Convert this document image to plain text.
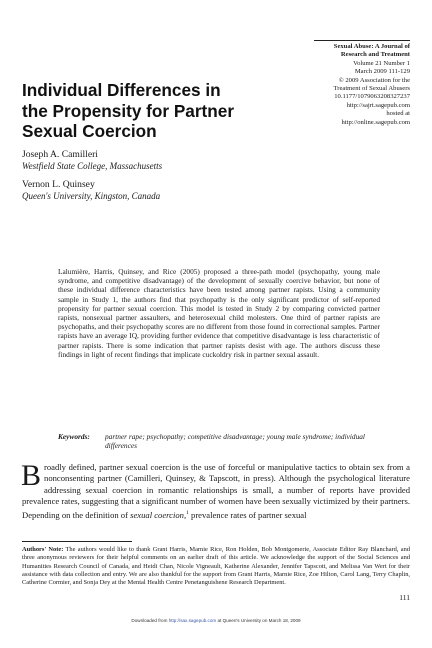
Sexual Abuse: A Journal of
Research and Treatment
Volume 21 Number 1
March 2009 111-129
© 2009 Association for the
Treatment of Sexual Abusers
10.1177/1079063208327237
http://sajrt.sagepub.com
hosted at
http://online.sagepub.com
Individual Differences in
the Propensity for Partner
Sexual Coercion
Joseph A. Camilleri
Westfield State College, Massachusetts
Vernon L. Quinsey
Queen's University, Kingston, Canada
Lalumière, Harris, Quinsey, and Rice (2005) proposed a three-path model (psychopathy, young male syndrome, and competitive disadvantage) of the development of sexually coercive behavior, but none of these individual difference characteristics have been tested among partner rapists. Using a community sample in Study 1, the authors find that psychopathy is the only significant predictor of self-reported propensity for partner sexual coercion. This model is tested in Study 2 by comparing convicted partner rapists, nonsexual partner assaulters, and heterosexual child molesters. One third of partner rapists are psychopaths, and their psychopathy scores are no different from those found in correctional samples. Partner rapists have an average IQ, providing further evidence that competitive disadvantage is less characteristic of partner rapists. There is some indication that partner rapists desist with age. The authors discuss these findings in light of recent findings that implicate cuckoldry risk in partner sexual assault.
Keywords:	partner rape; psychopathy; competitive disadvantage; young male syndrome; individual differences
Broadly defined, partner sexual coercion is the use of forceful or manipulative tactics to obtain sex from a nonconsenting partner (Camilleri, Quinsey, & Tapscott, in press). Although the psychological literature addressing sexual coercion in romantic relationships is small, a number of reports have provided prevalence rates, suggesting that a significant number of women have been sexually victimized by their partners. Depending on the definition of sexual coercion,$^1$ prevalence rates of partner sexual
Authors' Note: The authors would like to thank Grant Harris, Marnie Rice, Ron Holden, Bob Montgomerie, Associate Editor Ray Blanchard, and three anonymous reviewers for their helpful comments on an earlier draft of this article. We acknowledge the support of the Social Sciences and Humanities Research Council of Canada, and Heidi Chan, Nicole Vigneault, Katherine Alexander, Jennifer Tapscott, and Melissa Van Wert for their assistance with data collection and entry. We are also thankful for the support from Grant Harris, Marnie Rice, Zoe Hilton, Carol Lang, Terry Chaplin, Catherine Cormier, and Sonja Dey at the Mental Health Centre Penetanguishene Research Department.
111
Downloaded from http://sax.sagepub.com at Queen's University on March 18, 2009
